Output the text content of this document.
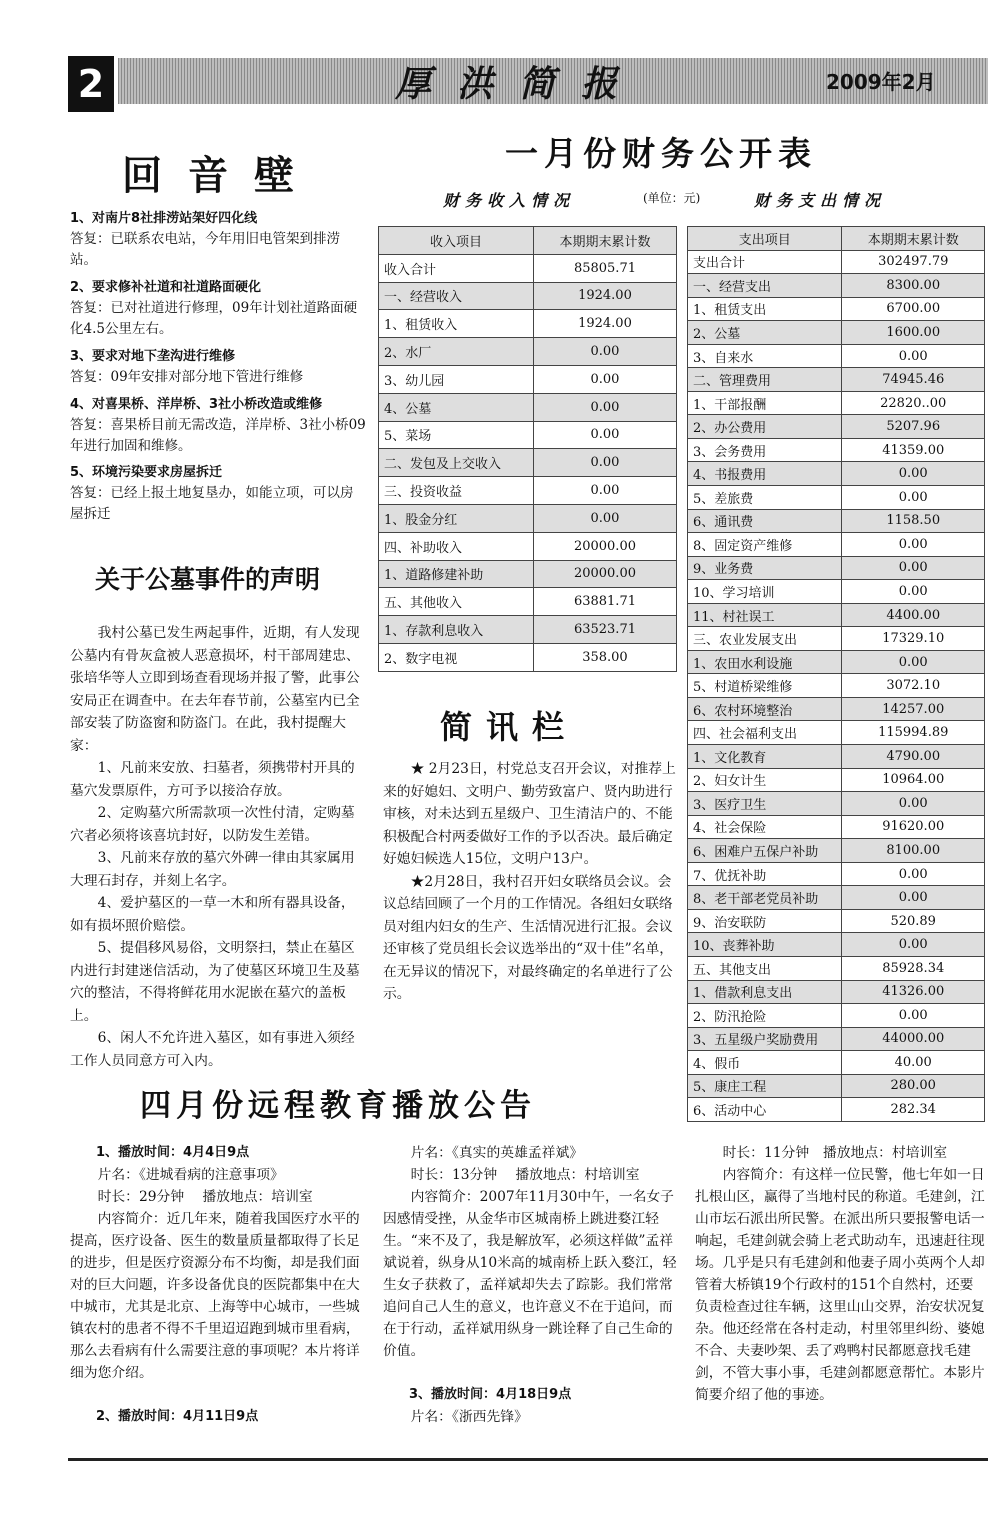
2	厚洪简报	2009年2月
回音壁
1、对南片8社排涝站架好四化线
答复：已联系农电站，今年用旧电管架到排涝站。
2、要求修补社道和社道路面硬化
答复：已对社道进行修理，09年计划社道路面硬化4.5公里左右。
3、要求对地下垄沟进行维修
答复：09年安排对部分地下管进行维修
4、对喜果桥、洋岸桥、3社小桥改造或维修
答复：喜果桥目前无需改造，洋岸桥、3社小桥09年进行加固和维修。
5、环境污染要求房屋拆迁
答复：已经上报土地复垦办，如能立项，可以房屋拆迁
关于公墓事件的声明

我村公墓已发生两起事件，近期，有人发现公墓内有骨灰盒被人恶意损坏，村干部周建忠、张培华等人立即到场查看现场并报了警，此事公安局正在调查中。在去年春节前，公墓室内已全部安装了防盗窗和防盗门。在此，我村提醒大家：

1、凡前来安放、扫墓者，须携带村开具的墓穴发票原件，方可予以接洽存放。

2、定购墓穴所需款项一次性付清，定购墓穴者必须将该喜坑封好，以防发生差错。

3、凡前来存放的墓穴外碑一律由其家属用大理石封存，并刻上名字。

4、爱护墓区的一草一木和所有器具设备，如有损坏照价赔偿。

5、提倡移风易俗，文明祭扫，禁止在墓区内进行封建迷信活动，为了使墓区环境卫生及墓穴的整洁，不得将鲜花用水泥嵌在墓穴的盖板上。

6、闲人不允许进入墓区，如有事进入须经工作人员同意方可入内。

一月份财务公开表
财务收入情况	(单位：元)	财务支出情况
收入项目	本期期末累计数
收入合计	85805.71
一、经营收入	1924.00
1、租赁收入	1924.00
2、水厂	0.00
3、幼儿园	0.00
4、公墓	0.00
5、菜场	0.00
二、发包及上交收入	0.00
三、投资收益	0.00
1、股金分红	0.00
四、补助收入	20000.00
1、道路修建补助	20000.00
五、其他收入	63881.71
1、存款利息收入	63523.71
2、数字电视	358.00
支出项目	本期期末累计数
支出合计	302497.79
一、经营支出	8300.00
1、租赁支出	6700.00
2、公墓	1600.00
3、自来水	0.00
二、管理费用	74945.46
1、干部报酬	22820..00
2、办公费用	5207.96
3、会务费用	41359.00
4、书报费用	0.00
5、差旅费	0.00
6、通讯费	1158.50
8、固定资产维修	0.00
9、业务费	0.00
10、学习培训	0.00
11、村社误工	4400.00
三、农业发展支出	17329.10
1、农田水利设施	0.00
5、村道桥梁维修	3072.10
6、农村环境整治	14257.00
四、社会福利支出	115994.89
1、文化教育	4790.00
2、妇女计生	10964.00
3、医疗卫生	0.00
4、社会保险	91620.00
6、困难户五保户补助	8100.00
7、优抚补助	0.00
8、老干部老党员补助	0.00
9、治安联防	520.89
10、丧葬补助	0.00
五、其他支出	85928.34
1、借款利息支出	41326.00
2、防汛抢险	0.00
3、五星级户奖励费用	44000.00
4、假币	40.00
5、康庄工程	280.00
6、活动中心	282.34
简讯栏

★ 2月23日，村党总支召开会议，对推荐上来的好媳妇、文明户、勤劳致富户、贤内助进行审核，对未达到五星级户、卫生清洁户的、不能积极配合村两委做好工作的予以否决。最后确定好媳妇候选人15位，文明户13户。

★2月28日，我村召开妇女联络员会议。会议总结回顾了一个月的工作情况。各组妇女联络员对组内妇女的生产、生活情况进行汇报。会议还审核了党员组长会议选举出的“双十佳”名单，在无异议的情况下，对最终确定的名单进行了公示。

四月份远程教育播放公告

1、播放时间：4月4日9点

片名：《进城看病的注意事项》

时长：29分钟　 播放地点：培训室

内容简介：近几年来，随着我国医疗水平的提高，医疗设备、医生的数量质量都取得了长足的进步，但是医疗资源分布不均衡，却是我们面对的巨大问题，许多设备优良的医院都集中在大中城市，尤其是北京、上海等中心城市，一些城镇农村的患者不得不千里迢迢跑到城市里看病，那么去看病有什么需要注意的事项呢？本片将详细为您介绍。

2、播放时间：4月11日9点

片名：《真实的英雄孟祥斌》

时长：13分钟　 播放地点：村培训室

内容简介：2007年11月30中午，一名女子因感情受挫，从金华市区城南桥上跳进婺江轻生。“来不及了，我是解放军，必须这样做”孟祥斌说着，纵身从10米高的城南桥上跃入婺江，轻生女子获救了，孟祥斌却失去了踪影。我们常常追问自己人生的意义，也许意义不在于追问，而在于行动，孟祥斌用纵身一跳诠释了自己生命的价值。

3、播放时间：4月18日9点

片名：《浙西先锋》

时长：11分钟　播放地点：村培训室

内容简介：有这样一位民警，他七年如一日扎根山区，赢得了当地村民的称道。毛建剑，江山市坛石派出所民警。在派出所只要报警电话一响起，毛建剑就会骑上老式助动车，迅速赶往现场。几乎是只有毛建剑和他妻子周小英两个人却管着大桥镇19个行政村的151个自然村，还要负责检查过往车辆，这里山山交界，治安状况复杂。他还经常在各村走动，村里邻里纠纷、婆媳不合、夫妻吵架、丢了鸡鸭村民都愿意找毛建剑，不管大事小事，毛建剑都愿意帮忙。本影片简要介绍了他的事迹。
